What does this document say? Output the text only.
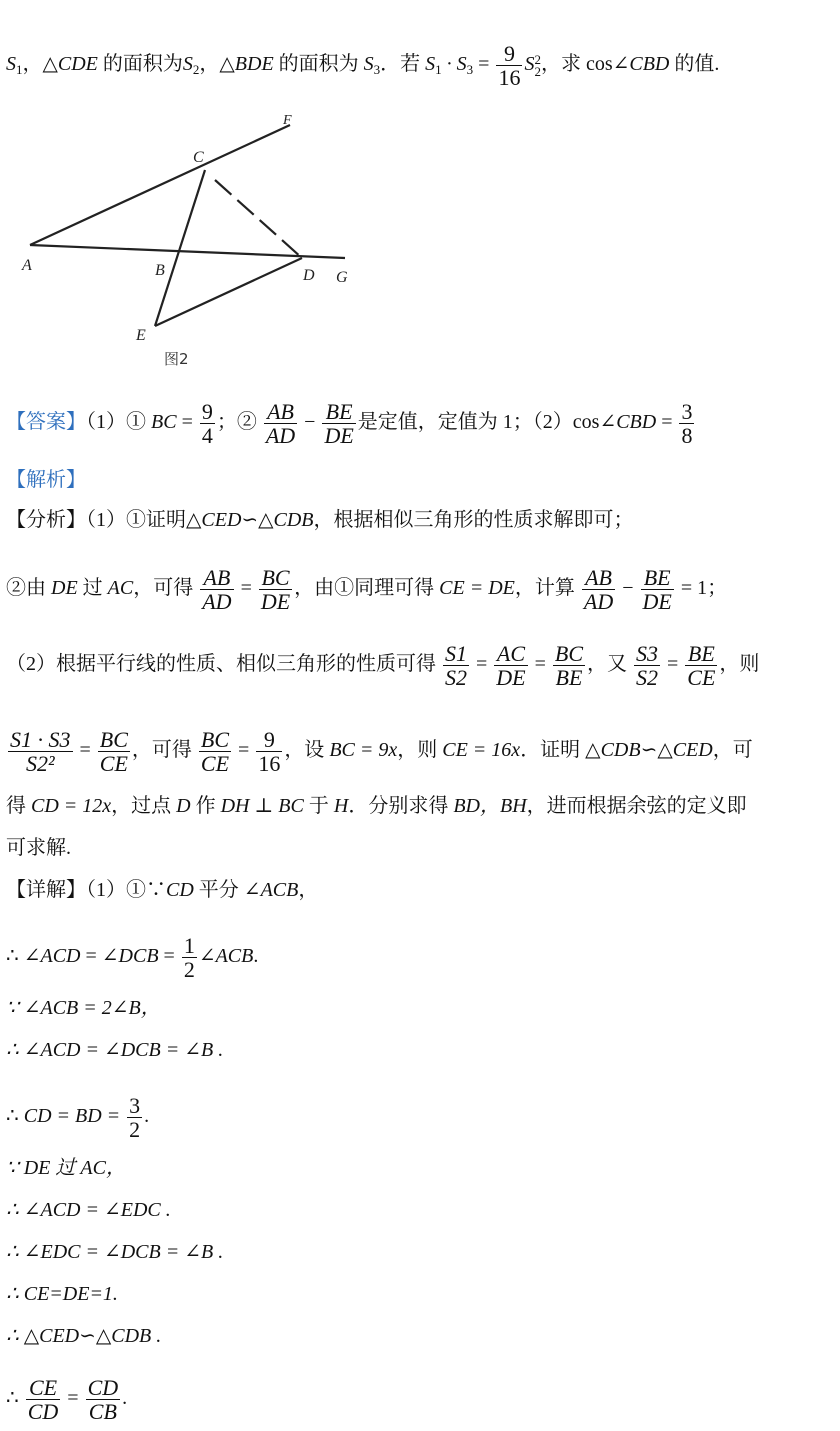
$S_1$，△CDE 的面积为$S_2$，△BDE 的面积为 $S_3$．若 $S_1 \cdot S_3 = \frac{9}{16}$ S 2
2 ，求 cos∠CBD 的值.
A	B
C
D
E
F
G
图2
【答案】（1）① BC = $\frac{9}{4}$ ；② $\frac{AB}{AD} - \frac{BE}{DE}$ 是定值，定值为 1；（2）cos∠CBD = $\frac{3}{8}$
【解析】
【分析】（1）①证明△CED∽△CDB，根据相似三角形的性质求解即可；
②由 DE 过 AC，可得 $\frac{AB}{AD} = \frac{BC}{DE}$ ，由①同理可得 CE = DE，计算 $\frac{AB}{AD} - \frac{BE}{DE} = 1$；
（2）根据平行线的性质、相似三角形的性质可得 $\frac{S1}{S2} = \frac{AC}{DE} = \frac{BC}{BE}$ ，又 $\frac{S3}{S2} = \frac{BE}{CE}$ ，则
$\frac{S1 \cdot S3}{\text{S2²}} = \frac{BC}{CE}$ ，可得 $\frac{BC}{CE} = \frac{9}{16}$ ，设 BC = 9x，则 CE = 16x．证明 △CDB∽△CED，可
得 CD = 12x，过点 D 作 DH ⊥ BC 于 H．分别求得 BD，BH，进而根据余弦的定义即
可求解.
【详解】（1）①∵CD 平分 ∠ACB，
∴ ∠ACD = ∠DCB = $\frac{1}{2}$ ∠ACB.
∵ ∠ACB = 2∠B，
∴ ∠ACD = ∠DCB = ∠B .
∴ CD = BD = $\frac{3}{2}$ .
∵ DE 过 AC，
∴ ∠ACD = ∠EDC .
∴ ∠EDC = ∠DCB = ∠B .
∴ CE=DE=1.
∴ △CED∽△CDB .
∴ $\frac{CE}{CD} = \frac{CD}{CB}$ .
